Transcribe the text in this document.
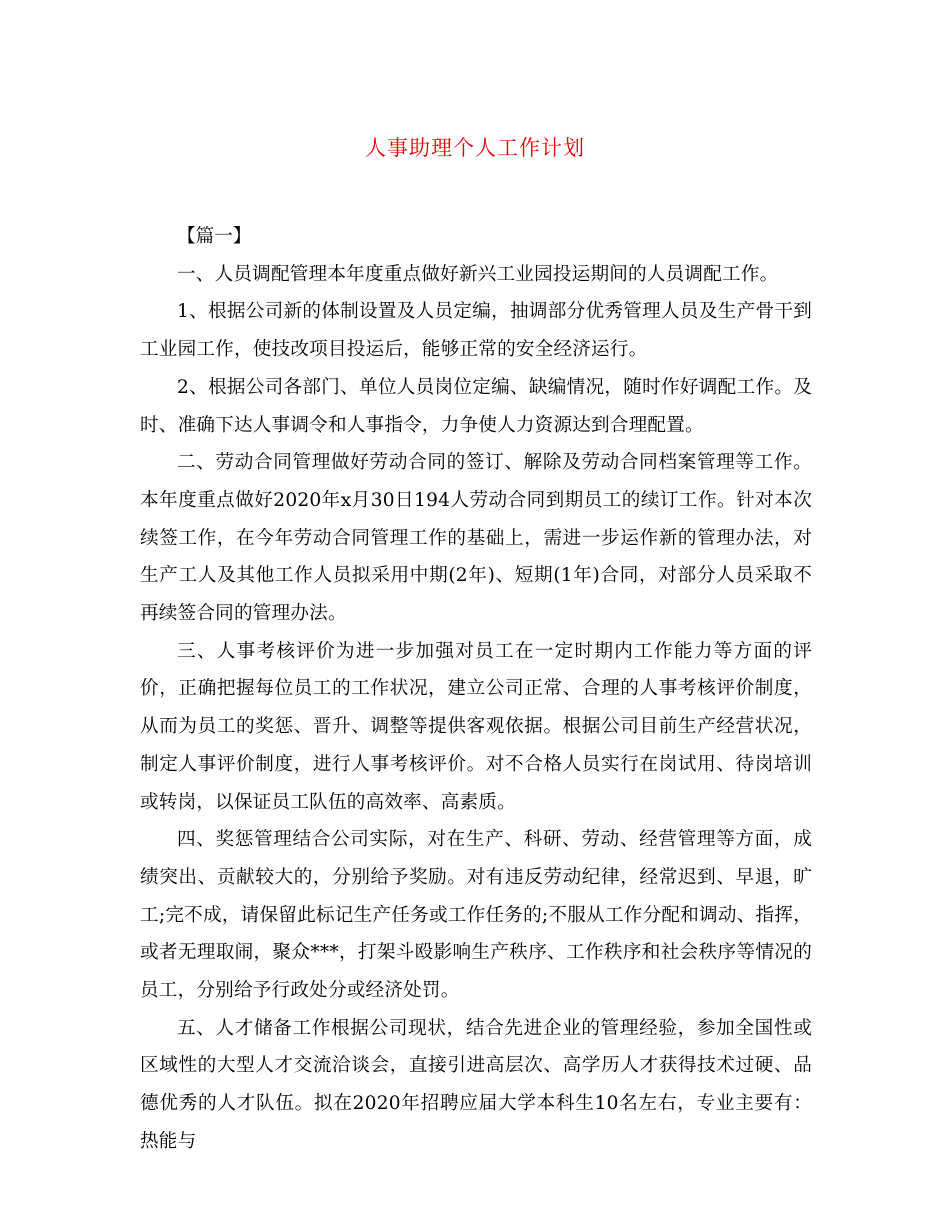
人事助理个人工作计划

【篇一】

一、人员调配管理本年度重点做好新兴工业园投运期间的人员调配工作。

1、根据公司新的体制设置及人员定编，抽调部分优秀管理人员及生产骨干到工业园工作，使技改项目投运后，能够正常的安全经济运行。

2、根据公司各部门、单位人员岗位定编、缺编情况，随时作好调配工作。及时、准确下达人事调令和人事指令，力争使人力资源达到合理配置。

二、劳动合同管理做好劳动合同的签订、解除及劳动合同档案管理等工作。本年度重点做好2020年x月30日194人劳动合同到期员工的续订工作。针对本次续签工作，在今年劳动合同管理工作的基础上，需进一步运作新的管理办法，对生产工人及其他工作人员拟采用中期(2年)、短期(1年)合同，对部分人员采取不再续签合同的管理办法。

三、人事考核评价为进一步加强对员工在一定时期内工作能力等方面的评价，正确把握每位员工的工作状况，建立公司正常、合理的人事考核评价制度，从而为员工的奖惩、晋升、调整等提供客观依据。根据公司目前生产经营状况，制定人事评价制度，进行人事考核评价。对不合格人员实行在岗试用、待岗培训或转岗，以保证员工队伍的高效率、高素质。

四、奖惩管理结合公司实际，对在生产、科研、劳动、经营管理等方面，成绩突出、贡献较大的，分别给予奖励。对有违反劳动纪律，经常迟到、早退，旷工;完不成，请保留此标记生产任务或工作任务的;不服从工作分配和调动、指挥，或者无理取闹，聚众***，打架斗殴影响生产秩序、工作秩序和社会秩序等情况的员工，分别给予行政处分或经济处罚。

五、人才储备工作根据公司现状，结合先进企业的管理经验，参加全国性或区域性的大型人才交流洽谈会，直接引进高层次、高学历人才获得技术过硬、品德优秀的人才队伍。拟在2020年招聘应届大学本科生10名左右，专业主要有：热能与
